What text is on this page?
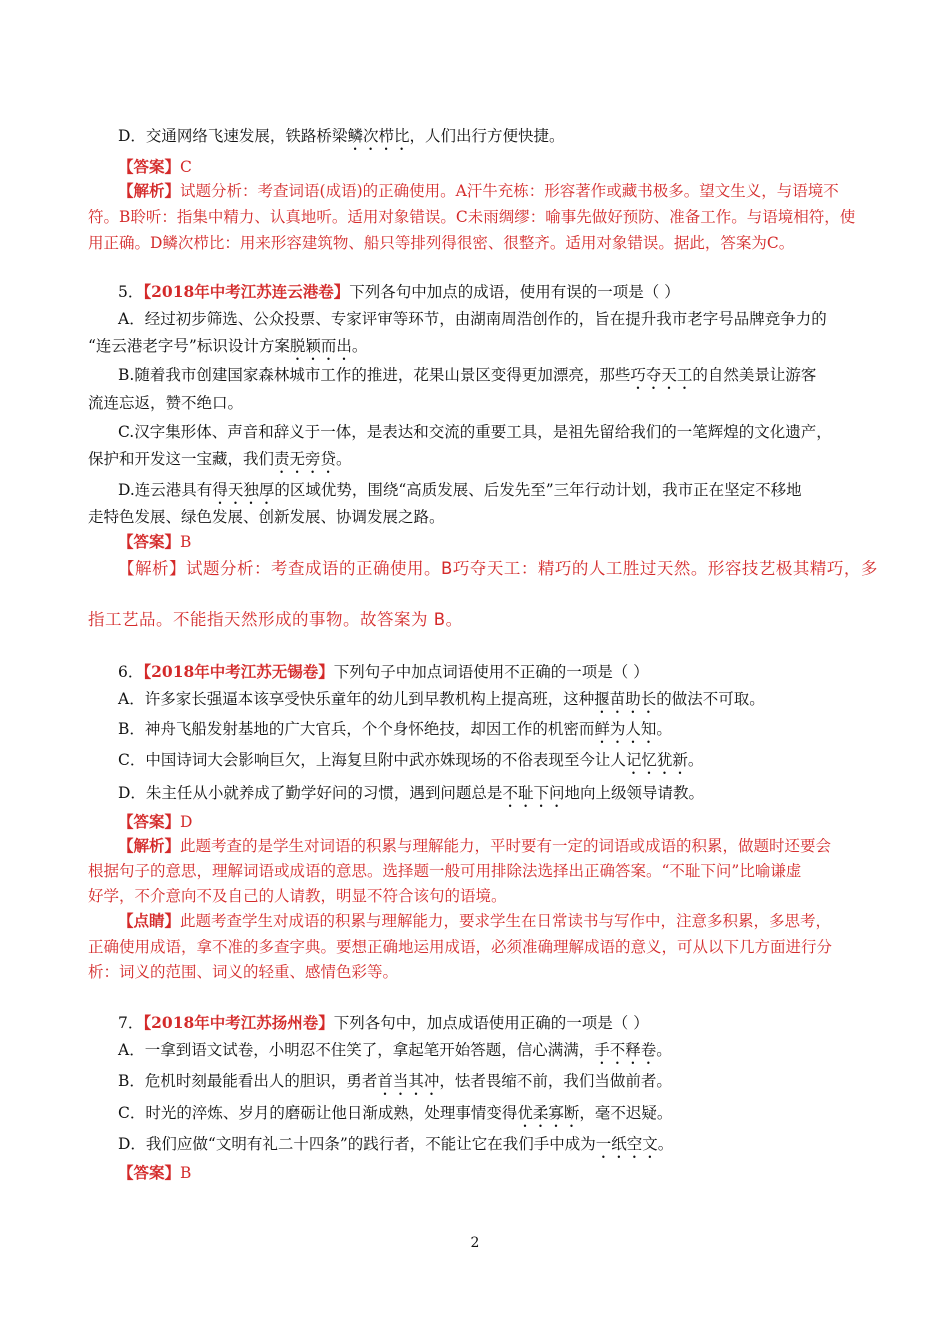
D．交通网络飞速发展，铁路桥梁鳞次栉比，人们出行方便快捷。
【答案】C
【解析】试题分析：考查词语(成语)的正确使用。A汗牛充栋：形容著作或藏书极多。望文生义，与语境不
符。B聆听：指集中精力、认真地听。适用对象错误。C未雨绸缪：喻事先做好预防、准备工作。与语境相符，使
用正确。D鳞次栉比：用来形容建筑物、船只等排列得很密、很整齐。适用对象错误。据此，答案为C。
5．【2018年中考江苏连云港卷】下列各句中加点的成语，使用有误的一项是（ ）
A．经过初步筛选、公众投票、专家评审等环节，由湖南周浩创作的，旨在提升我市老字号品牌竞争力的
“连云港老字号”标识设计方案脱颖而出。
B.随着我市创建国家森林城市工作的推进，花果山景区变得更加漂亮，那些巧夺天工的自然美景让游客
流连忘返，赞不绝口。
C.汉字集形体、声音和辞义于一体，是表达和交流的重要工具，是祖先留给我们的一笔辉煌的文化遗产，
保护和开发这一宝藏，我们责无旁贷。
D.连云港具有得天独厚的区域优势，围绕“高质发展、后发先至”三年行动计划，我市正在坚定不移地
走特色发展、绿色发展、创新发展、协调发展之路。
【答案】B
【解析】试题分析：考查成语的正确使用。B巧夺天工：精巧的人工胜过天然。形容技艺极其精巧，多
指工艺品。不能指天然形成的事物。故答案为 B。
6．【2018年中考江苏无锡卷】下列句子中加点词语使用不正确的一项是（ ）
A．许多家长强逼本该享受快乐童年的幼儿到早教机构上提高班，这种揠苗助长的做法不可取。
B．神舟飞船发射基地的广大官兵，个个身怀绝技，却因工作的机密而鲜为人知。
C．中国诗词大会影响巨欠，上海复旦附中武亦姝现场的不俗表现至今让人记忆犹新。
D．朱主任从小就养成了勤学好问的习惯，遇到问题总是不耻下问地向上级领导请教。
【答案】D
【解析】此题考查的是学生对词语的积累与理解能力，平时要有一定的词语或成语的积累，做题时还要会
根据句子的意思，理解词语或成语的意思。选择题一般可用排除法选择出正确答案。“不耻下问”比喻谦虚
好学，不介意向不及自己的人请教，明显不符合该句的语境。
【点睛】此题考查学生对成语的积累与理解能力，要求学生在日常读书与写作中，注意多积累，多思考，
正确使用成语，拿不准的多查字典。要想正确地运用成语，必须准确理解成语的意义，可从以下几方面进行分
析：词义的范围、词义的轻重、感情色彩等。
7．【2018年中考江苏扬州卷】下列各句中，加点成语使用正确的一项是（ ）
A．一拿到语文试卷，小明忍不住笑了，拿起笔开始答题，信心满满，手不释卷。
B．危机时刻最能看出人的胆识，勇者首当其冲，怯者畏缩不前，我们当做前者。
C．时光的淬炼、岁月的磨砺让他日渐成熟，处理事情变得优柔寡断，毫不迟疑。
D．我们应做“文明有礼二十四条”的践行者，不能让它在我们手中成为一纸空文。
【答案】B
2
